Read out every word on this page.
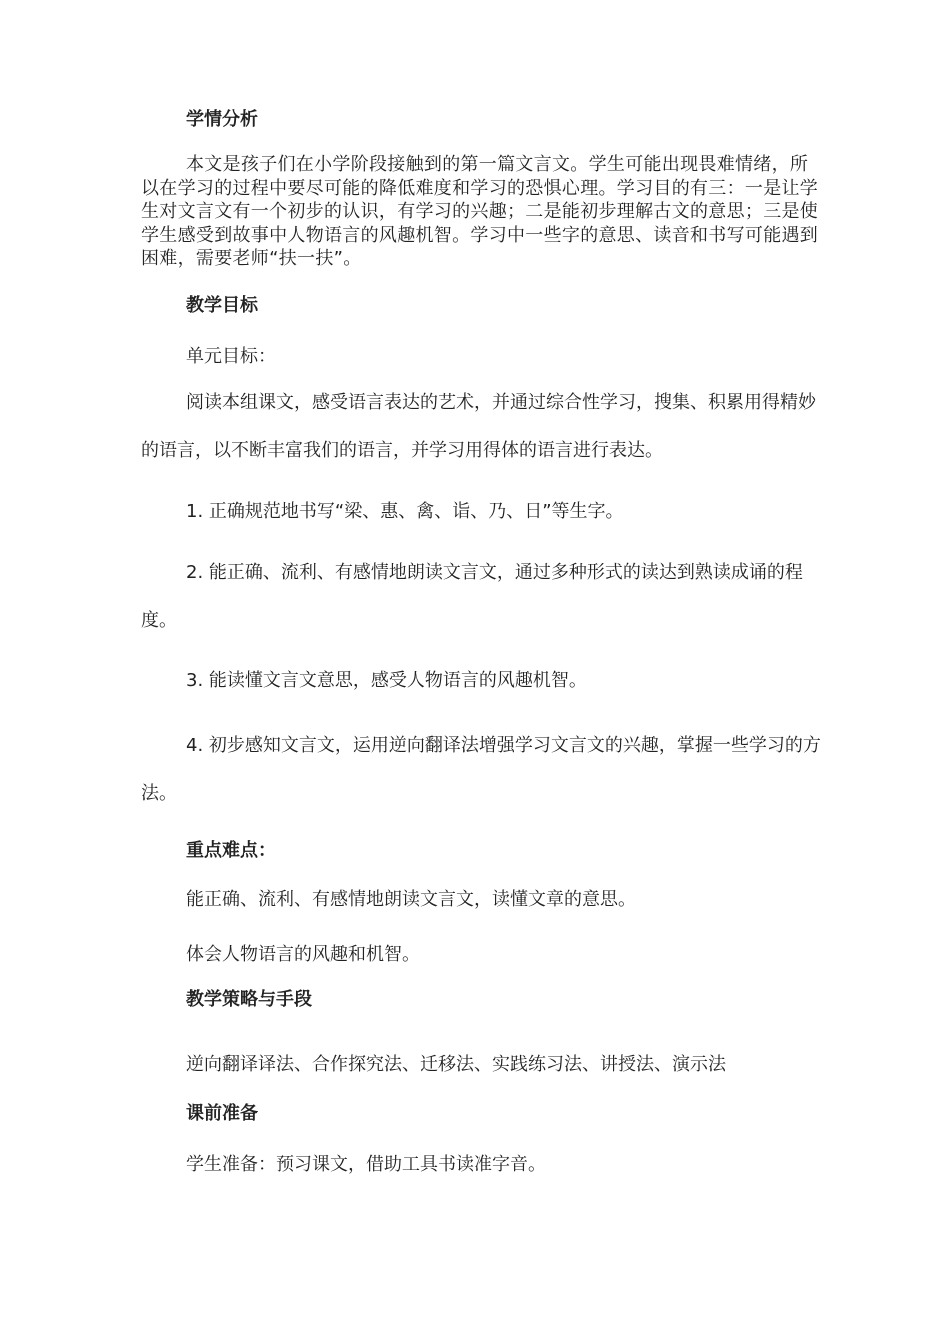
学情分析

本文是孩子们在小学阶段接触到的第一篇文言文。学生可能出现畏难情绪，所以在学习的过程中要尽可能的降低难度和学习的恐惧心理。学习目的有三：一是让学生对文言文有一个初步的认识，有学习的兴趣；二是能初步理解古文的意思；三是使学生感受到故事中人物语言的风趣机智。学习中一些字的意思、读音和书写可能遇到困难，需要老师“扶一扶”。

教学目标

单元目标：

阅读本组课文，感受语言表达的艺术，并通过综合性学习，搜集、积累用得精妙的语言，以不断丰富我们的语言，并学习用得体的语言进行表达。

1. 正确规范地书写“梁、惠、禽、诣、乃、日”等生字。

2. 能正确、流利、有感情地朗读文言文，通过多种形式的读达到熟读成诵的程度。

3. 能读懂文言文意思，感受人物语言的风趣机智。

4. 初步感知文言文，运用逆向翻译法增强学习文言文的兴趣，掌握一些学习的方法。

重点难点：

能正确、流利、有感情地朗读文言文，读懂文章的意思。

体会人物语言的风趣和机智。

教学策略与手段

逆向翻译译法、合作探究法、迁移法、实践练习法、讲授法、演示法

课前准备

学生准备：预习课文，借助工具书读准字音。
